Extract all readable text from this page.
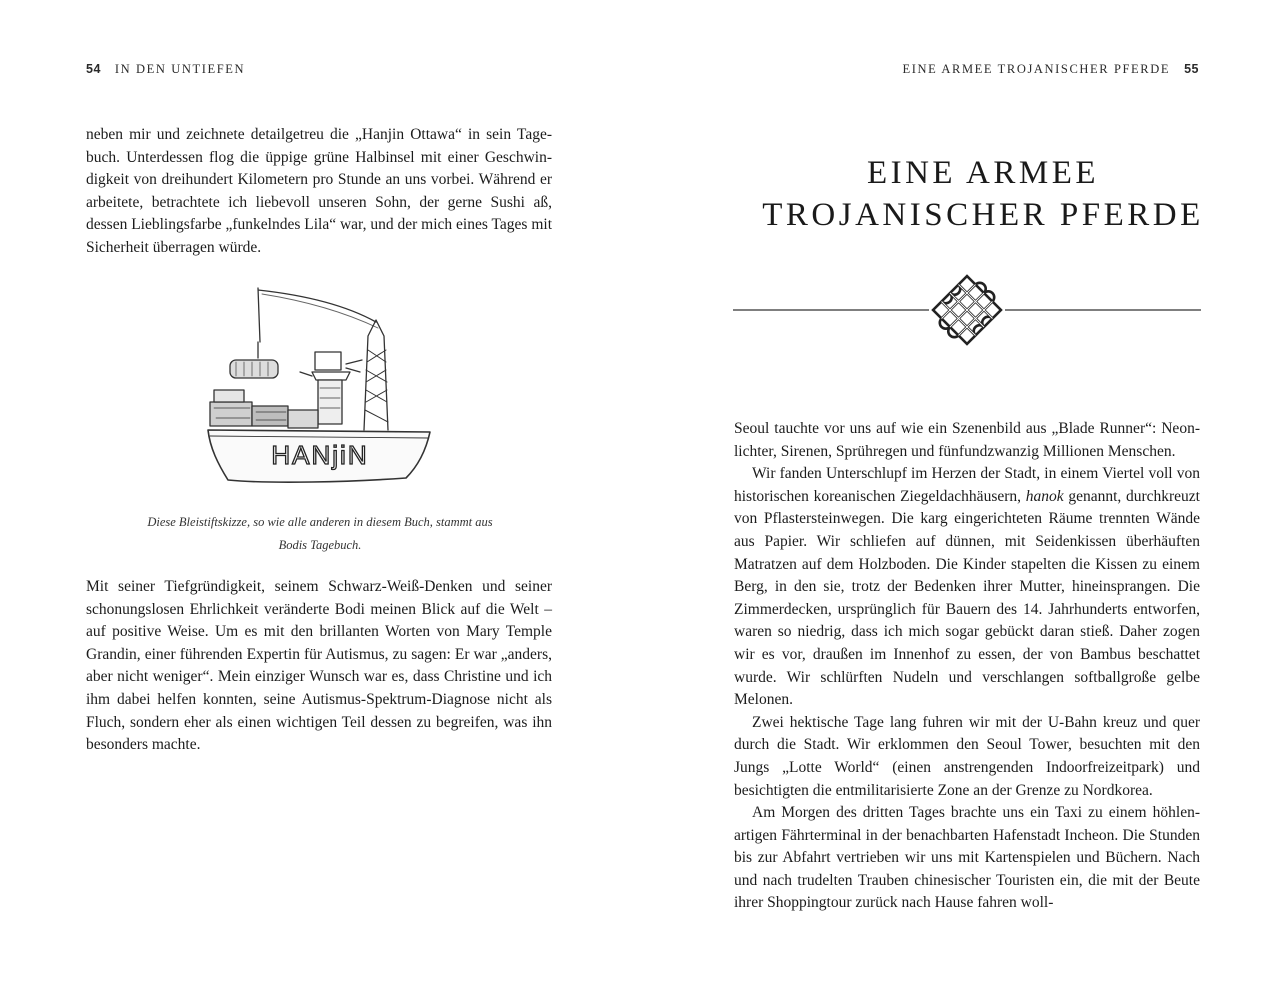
54 IN DEN UNTIEFEN

neben mir und zeichnete detailgetreu die „Hanjin Ottawa“ in sein Tagebuch. Unterdessen flog die üppige grüne Halbinsel mit einer Geschwindigkeit von dreihundert Kilometern pro Stunde an uns vorbei. Während er arbeitete, betrachtete ich liebevoll unseren Sohn, der gerne Sushi aß, dessen Lieblingsfarbe „funkelndes Lila“ war, und der mich eines Tages mit Sicherheit überragen würde.

HANjiN
Diese Bleistiftskizze, so wie alle anderen in diesem Buch, stammt aus
Bodis Tagebuch.

Mit seiner Tiefgründigkeit, seinem Schwarz-Weiß-Denken und seiner schonungslosen Ehrlichkeit veränderte Bodi meinen Blick auf die Welt – auf positive Weise. Um es mit den brillanten Worten von Mary Temple Grandin, einer führenden Expertin für Autismus, zu sagen: Er war „anders, aber nicht weniger“. Mein einziger Wunsch war es, dass Christine und ich ihm dabei helfen konnten, seine Autismus-Spektrum-Diagnose nicht als Fluch, sondern eher als einen wichtigen Teil dessen zu begreifen, was ihn besonders machte.

EINE ARMEE TROJANISCHER PFERDE 55
EINE ARMEE
TROJANISCHER PFERDE

Seoul tauchte vor uns auf wie ein Szenenbild aus „Blade Runner“: Neonlichter, Sirenen, Sprühregen und fünfundzwanzig Millionen Menschen.

Wir fanden Unterschlupf im Herzen der Stadt, in einem Viertel voll von historischen koreanischen Ziegeldachhäusern, hanok genannt, durchkreuzt von Pflastersteinwegen. Die karg eingerichteten Räume trennten Wände aus Papier. Wir schliefen auf dünnen, mit Seidenkissen überhäuften Matratzen auf dem Holzboden. Die Kinder stapelten die Kissen zu einem Berg, in den sie, trotz der Bedenken ihrer Mutter, hineinsprangen. Die Zimmerdecken, ursprünglich für Bauern des 14. Jahrhunderts entworfen, waren so niedrig, dass ich mich sogar gebückt daran stieß. Daher zogen wir es vor, draußen im Innenhof zu essen, der von Bambus beschattet wurde. Wir schlürften Nudeln und verschlangen softballgroße gelbe Melonen.

Zwei hektische Tage lang fuhren wir mit der U-Bahn kreuz und quer durch die Stadt. Wir erklommen den Seoul Tower, besuchten mit den Jungs „Lotte World“ (einen anstrengenden Indoorfreizeitpark) und besichtigten die entmilitarisierte Zone an der Grenze zu Nordkorea.

Am Morgen des dritten Tages brachte uns ein Taxi zu einem höhlenartigen Fährterminal in der benachbarten Hafenstadt Incheon. Die Stunden bis zur Abfahrt vertrieben wir uns mit Kartenspielen und Büchern. Nach und nach trudelten Trauben chinesischer Touristen ein, die mit der Beute ihrer Shoppingtour zurück nach Hause fahren woll-
